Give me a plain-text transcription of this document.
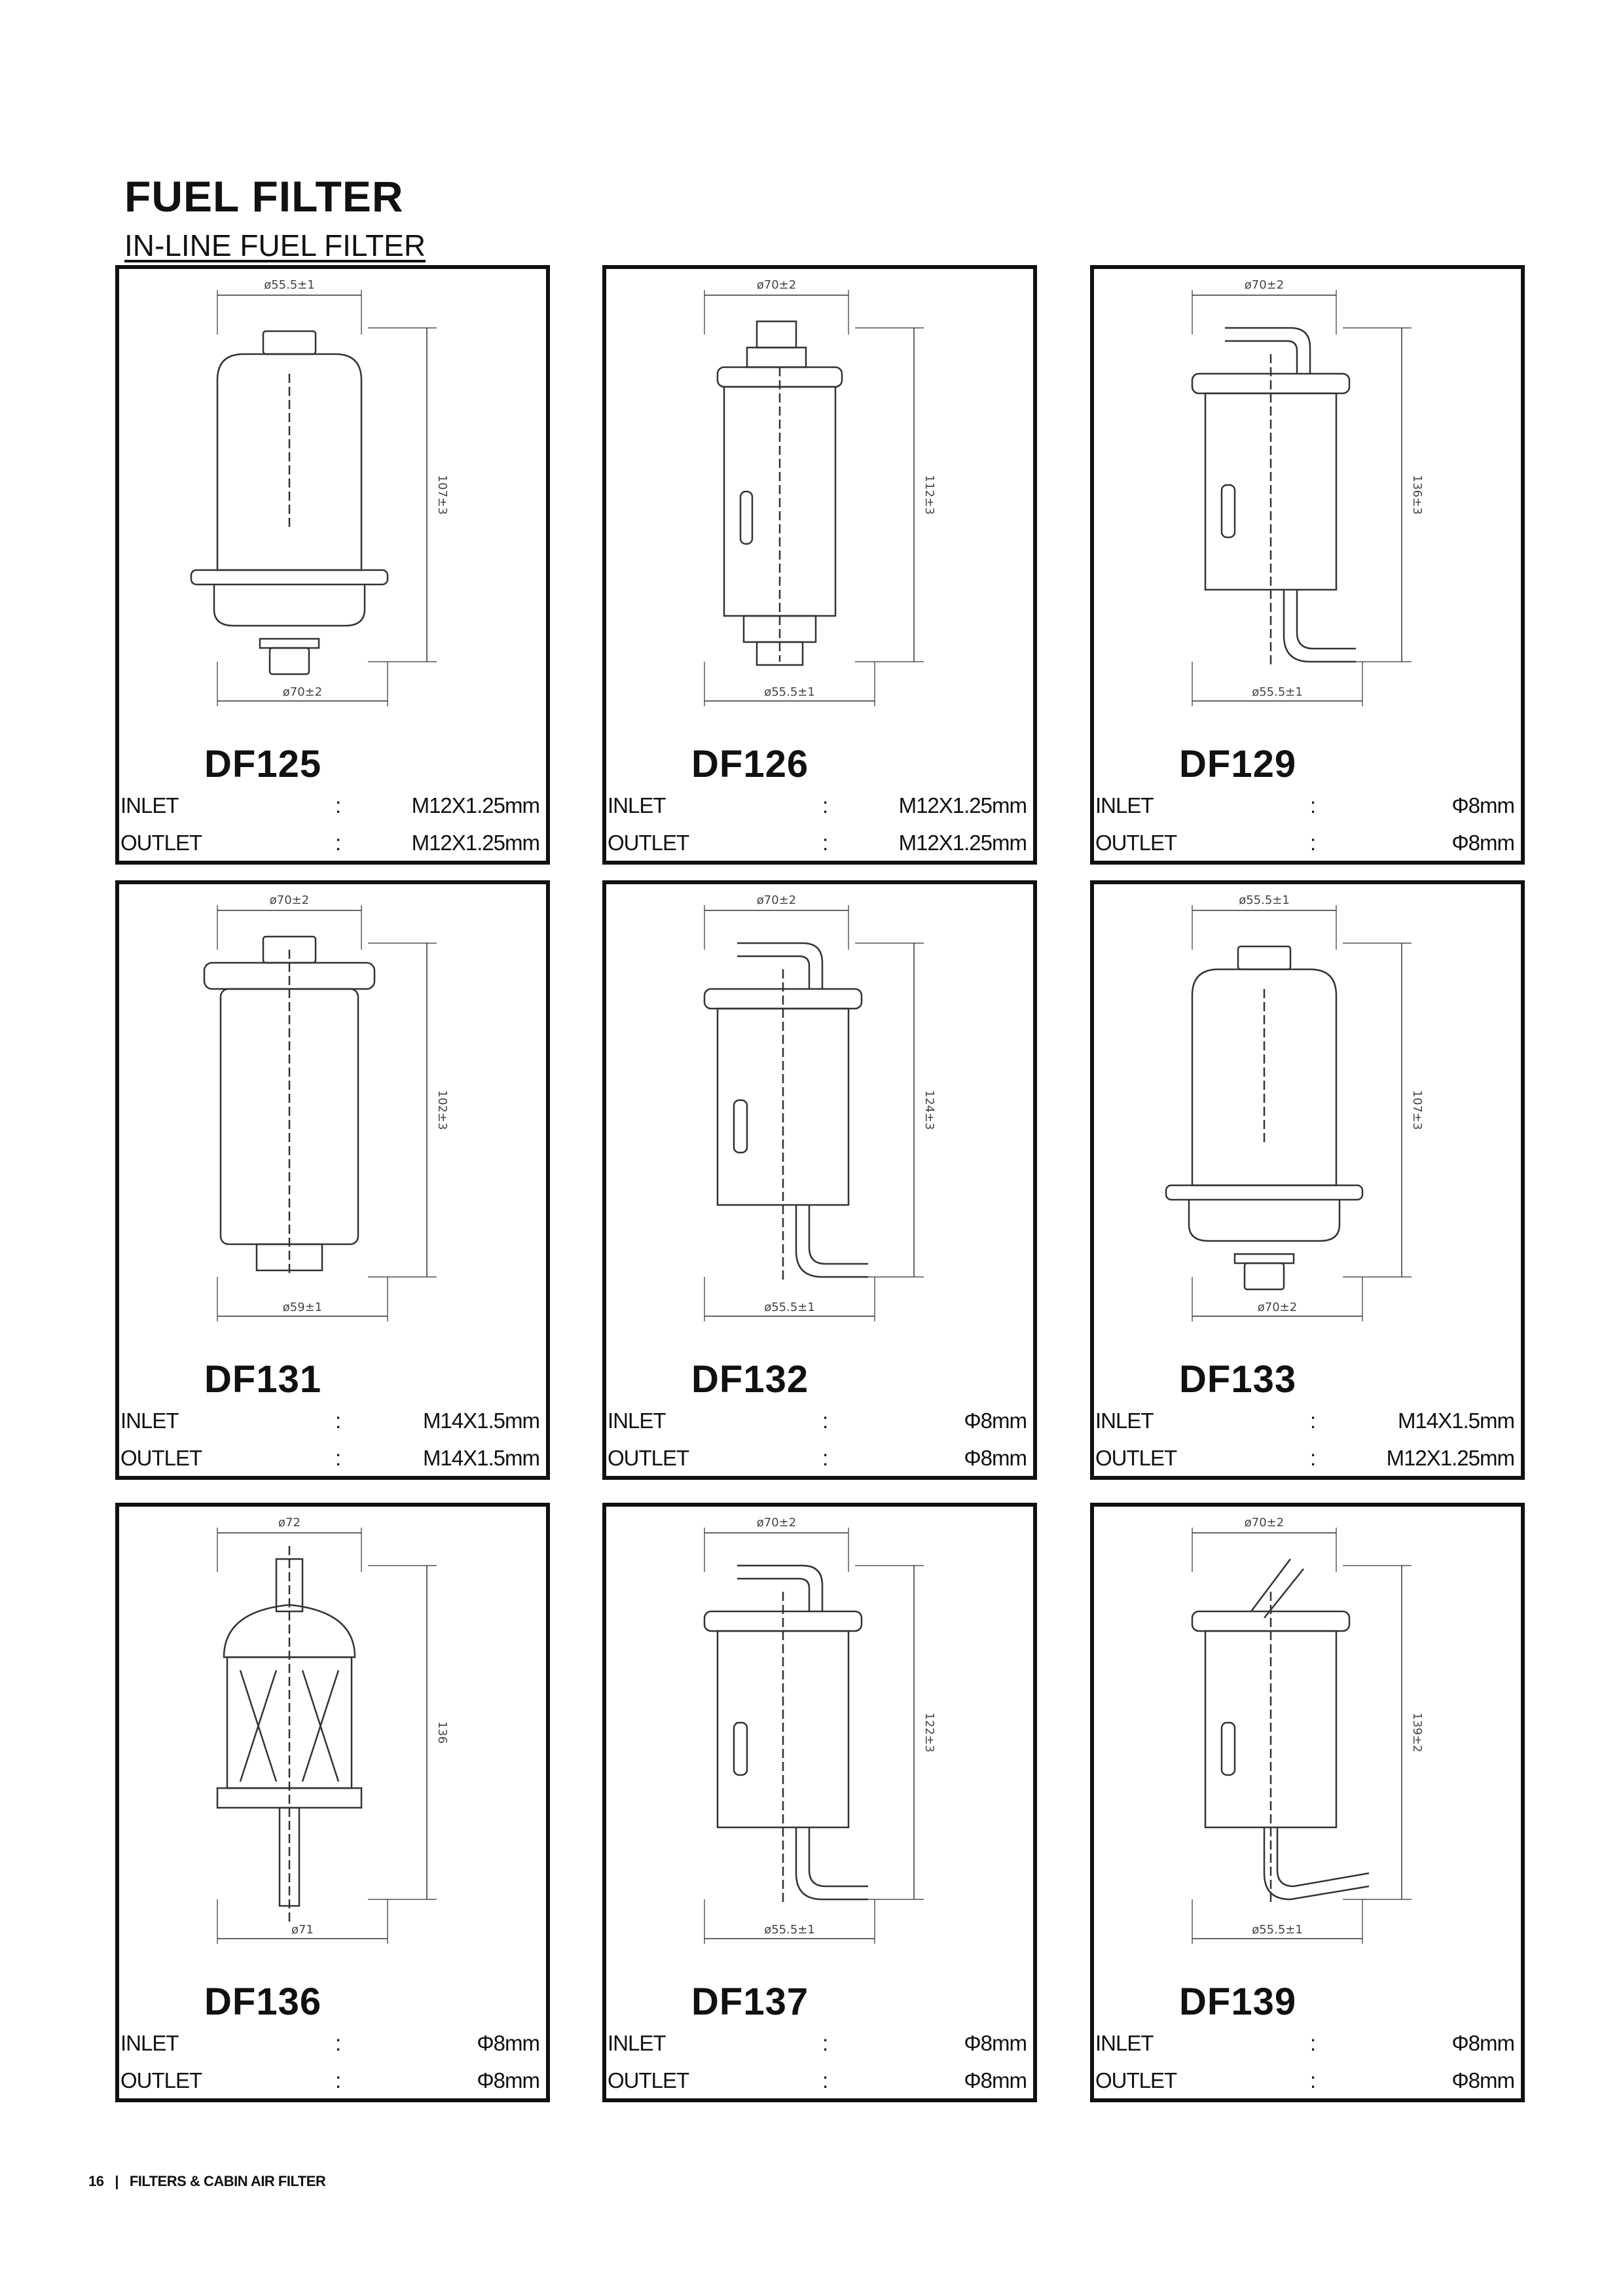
FUEL FILTER
IN-LINE FUEL FILTER
ø55.5±1
107±3
ø70±2
DF125
INLET	:	M12X1.25mm
OUTLET	:	M12X1.25mm
ø70±2
112±3
ø55.5±1
DF126
INLET	:	M12X1.25mm
OUTLET	:	M12X1.25mm
ø70±2
136±3
ø55.5±1
DF129
INLET	:	Φ8mm
OUTLET	:	Φ8mm
ø70±2
102±3
ø59±1
DF131
INLET	:	M14X1.5mm
OUTLET	:	M14X1.5mm
ø70±2
124±3
ø55.5±1
DF132
INLET	:	Φ8mm
OUTLET	:	Φ8mm
ø55.5±1
107±3
ø70±2
DF133
INLET	:	M14X1.5mm
OUTLET	:	M12X1.25mm
ø72
136
ø71
DF136
INLET	:	Φ8mm
OUTLET	:	Φ8mm
ø70±2
122±3
ø55.5±1
DF137
INLET	:	Φ8mm
OUTLET	:	Φ8mm
ø70±2
139±2
ø55.5±1
DF139
INLET	:	Φ8mm
OUTLET	:	Φ8mm
16 | FILTERS & CABIN AIR FILTER
